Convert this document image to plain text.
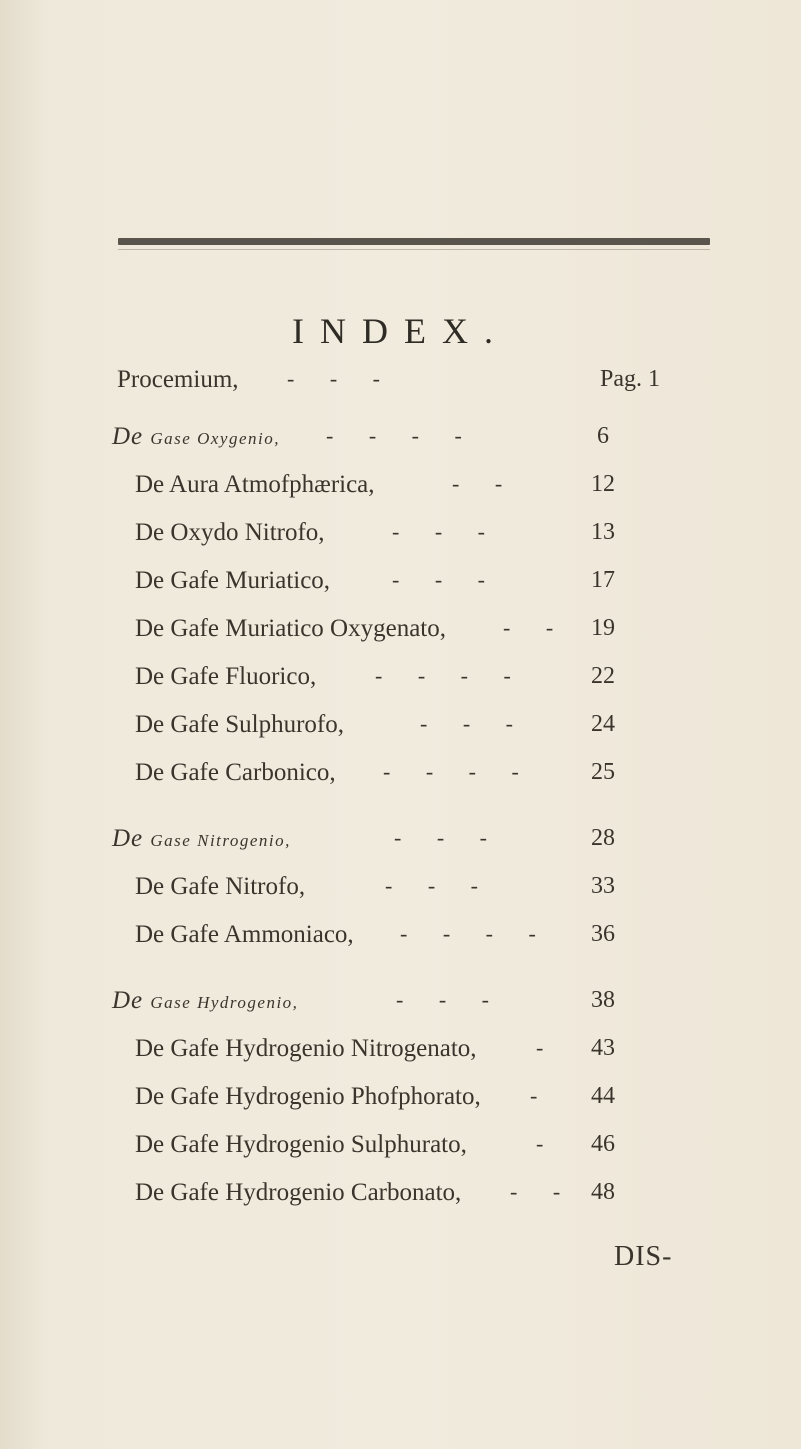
INDEX.
Procemium, - - -	Pag. 1
De Gase Oxygenio, - - - -	6
De Aura Atmofphærica,	- -	12
De Oxydo Nitrofo,	- - -	13
De Gafe Muriatico,	- - -	17
De Gafe Muriatico Oxygenato,	- -	19
De Gafe Fluorico,	- - - -	22
De Gafe Sulphurofo,	- - -	24
De Gafe Carbonico, - - - -	25
De Gase Nitrogenio,	- - -	28
De Gafe Nitrofo,	- - -	33
De Gafe Ammoniaco, - - - -	36
De Gase Hydrogenio,	- - -	38
De Gafe Hydrogenio Nitrogenato,	-	43
De Gafe Hydrogenio Phofphorato, -	44
De Gafe Hydrogenio Sulphurato,	-	46
De Gafe Hydrogenio Carbonato, - -	48
DIS-
